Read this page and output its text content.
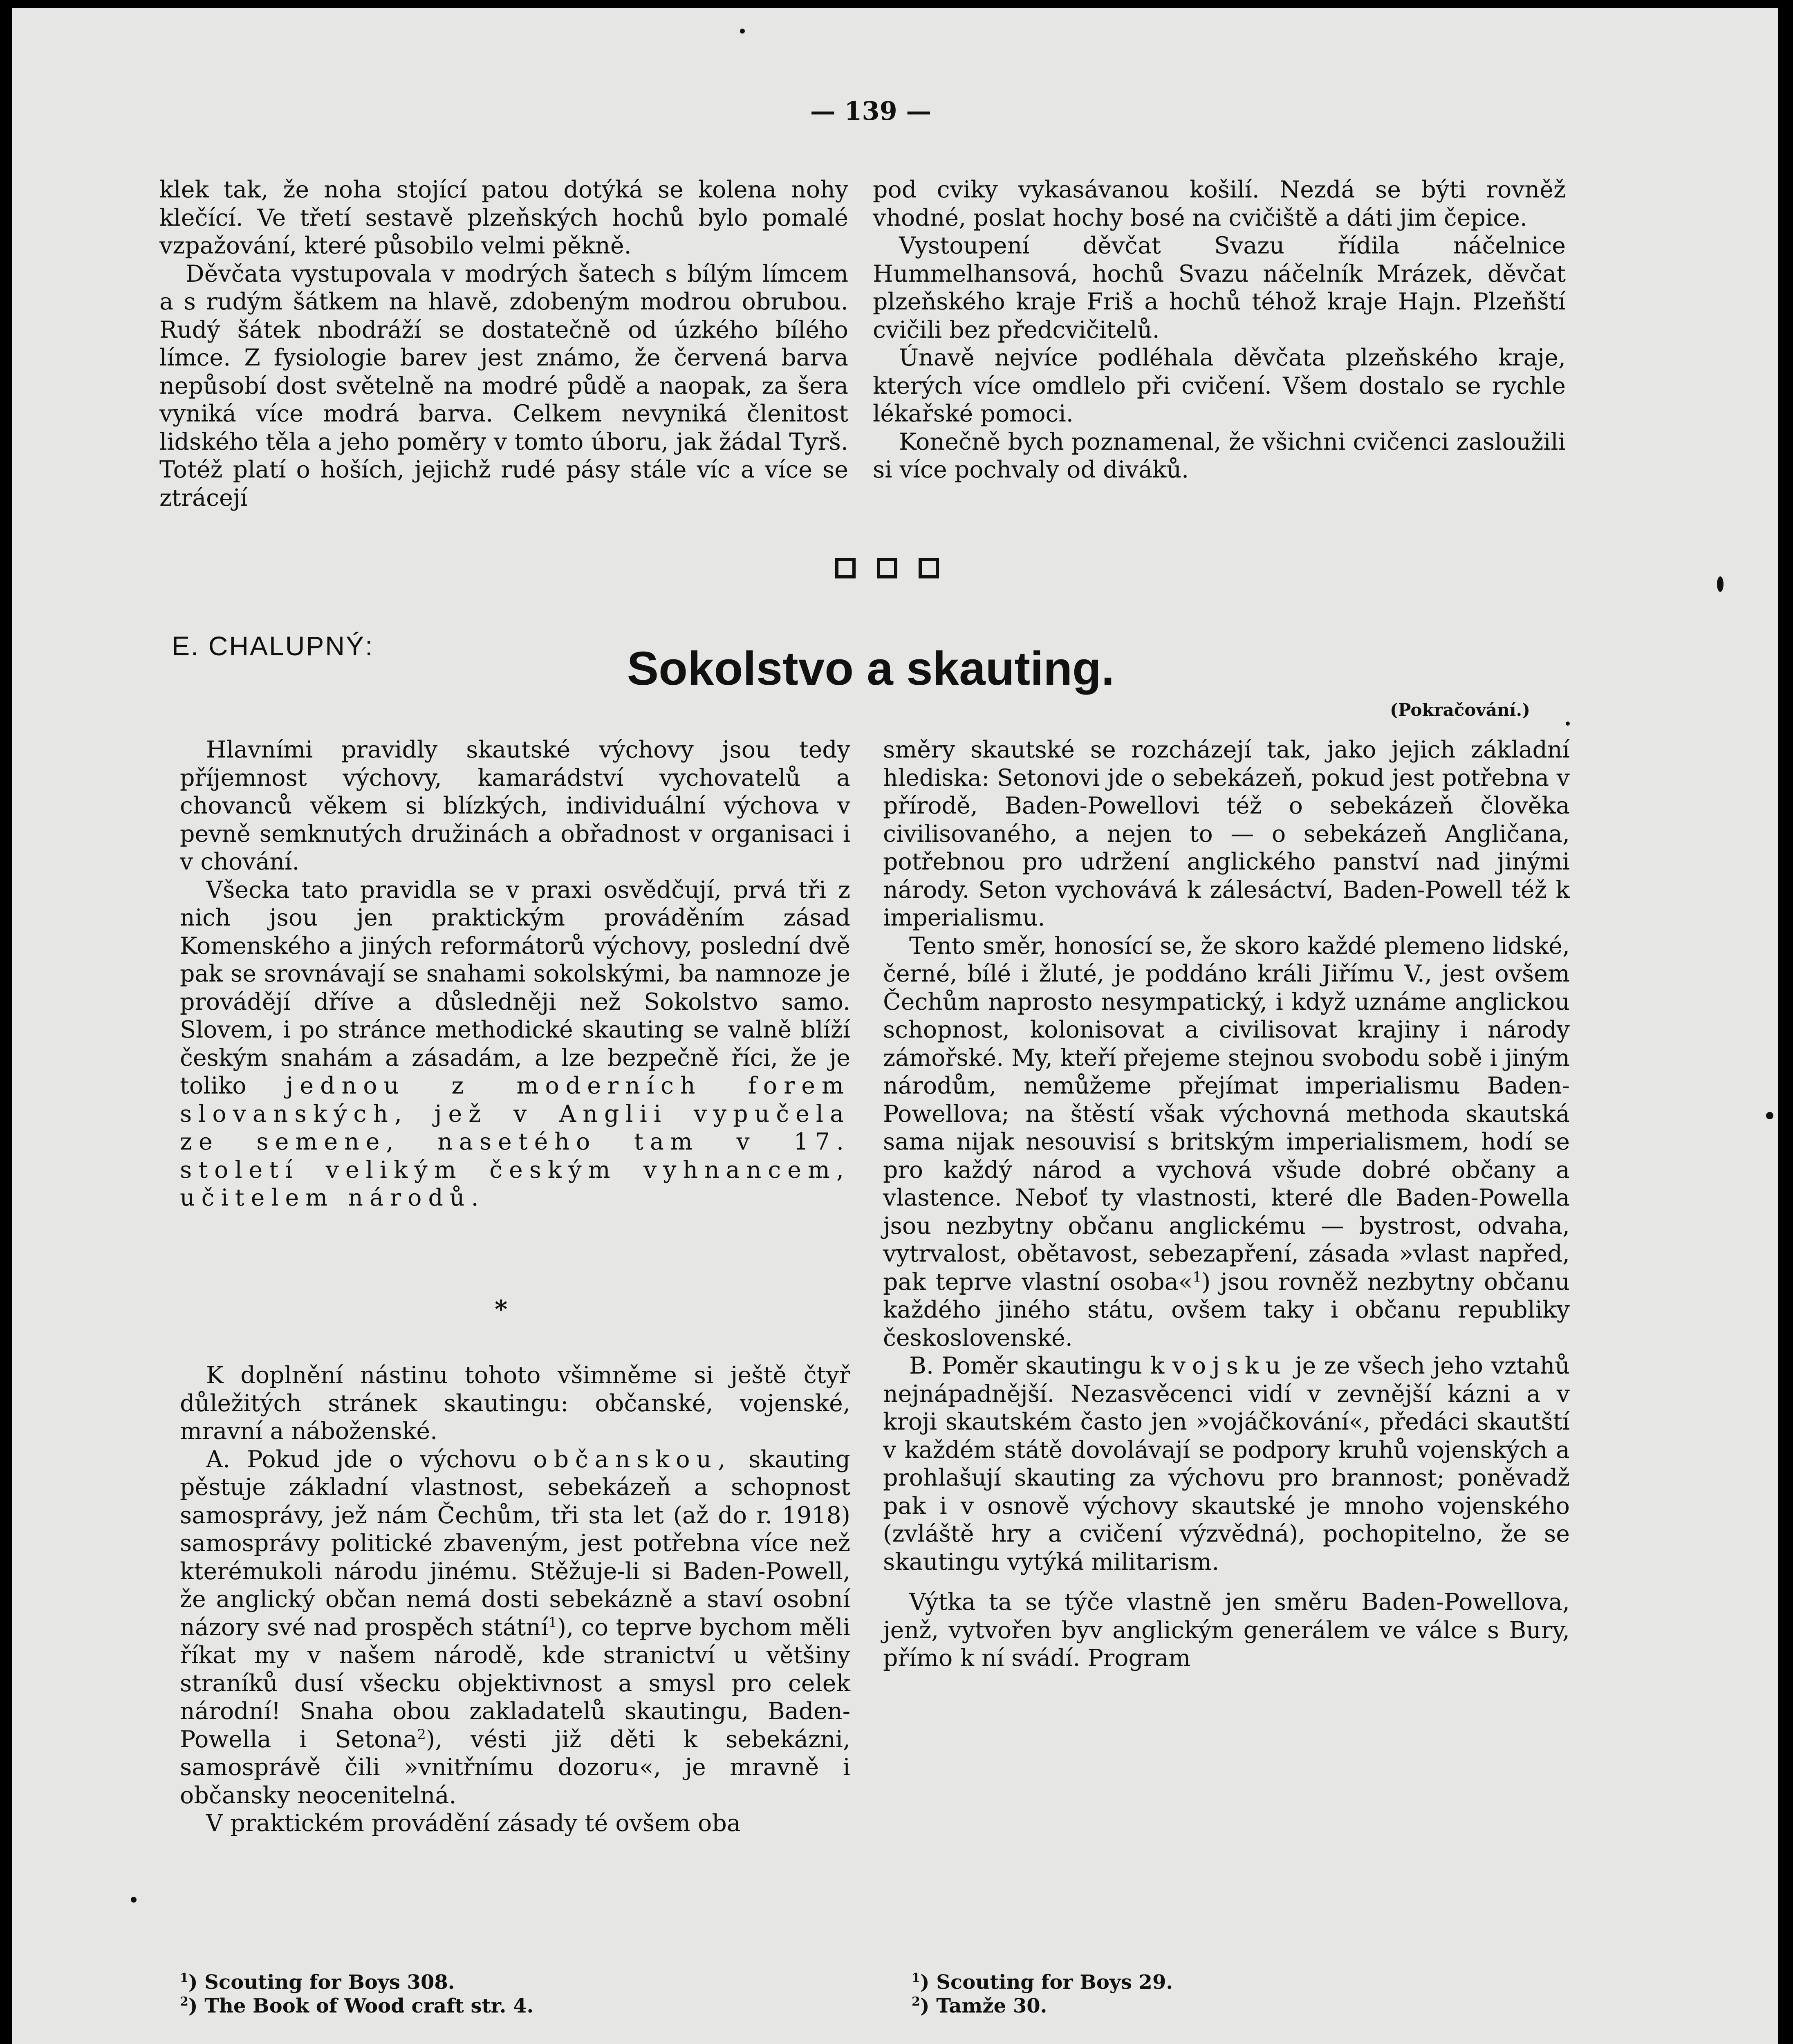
— 139 —

klek tak, že noha stojící patou dotýká se kolena nohy klečící. Ve třetí sestavě plzeňských hochů bylo pomalé vzpažování, které působilo velmi pěkně.

Děvčata vystupovala v modrých šatech s bílým límcem a s rudým šátkem na hlavě, zdobeným modrou obrubou. Rudý šátek nbodráží se dostatečně od úzkého bílého límce. Z fysiologie barev jest známo, že červená barva nepůsobí dost světelně na modré půdě a naopak, za šera vyniká více modrá barva. Celkem nevyniká členitost lidského těla a jeho poměry v tomto úboru, jak žádal Tyrš. Totéž platí o hoších, jejichž rudé pásy stále víc a více se ztrácejí

pod cviky vykasávanou košilí. Nezdá se býti rovněž vhodné, poslat hochy bosé na cvičiště a dáti jim čepice.

Vystoupení děvčat Svazu řídila náčelnice Hummelhansová, hochů Svazu náčelník Mrázek, děvčat plzeňského kraje Friš a hochů téhož kraje Hajn. Plzeňští cvičili bez předcvičitelů.

Únavě nejvíce podléhala děvčata plzeňského kraje, kterých více omdlelo při cvičení. Všem dostalo se rychle lékařské pomoci.

Konečně bych poznamenal, že všichni cvičenci zasloužili si více pochvaly od diváků.

E. CHALUPNÝ:	Sokolstvo a skauting.
(Pokračování.)

Hlavními pravidly skautské výchovy jsou tedy příjemnost výchovy, kamarádství vychovatelů a chovanců věkem si blízkých, individuální výchova v pevně semknutých družinách a obřadnost v organisaci i v chování.

Všecka tato pravidla se v praxi osvědčují, prvá tři z nich jsou jen praktickým prováděním zásad Komenského a jiných reformátorů výchovy, poslední dvě pak se srovnávají se snahami sokolskými, ba namnoze je provádějí dříve a důsledněji než Sokolstvo samo. Slovem, i po stránce methodické skauting se valně blíží českým snahám a zásadám, a lze bezpečně říci, že je toliko jednou z moderních forem slovanských, jež v Anglii vypučela ze semene, nasetého tam v 17. století velikým českým vyhnancem, učitelem národů.

*

K doplnění nástinu tohoto všimněme si ještě čtyř důležitých stránek skautingu: občanské, vojenské, mravní a náboženské.

A. Pokud jde o výchovu občanskou, skauting pěstuje základní vlastnost, sebekázeň a schopnost samosprávy, jež nám Čechům, tři sta let (až do r. 1918) samosprávy politické zbaveným, jest potřebna více než kterémukoli národu jinému. Stěžuje-li si Baden-Powell, že anglický občan nemá dosti sebekázně a staví osobní názory své nad prospěch státní$^1$), co teprve bychom měli říkat my v našem národě, kde stranictví u většiny straníků dusí všecku objektivnost a smysl pro celek národní! Snaha obou zakladatelů skautingu, Baden-Powella i Setona$^2$), vésti již děti k sebekázni, samosprávě čili »vnitřnímu dozoru«, je mravně i občansky neocenitelná.

V praktickém provádění zásady té ovšem oba

směry skautské se rozcházejí tak, jako jejich základní hlediska: Setonovi jde o sebekázeň, pokud jest potřebna v přírodě, Baden-Powellovi též o sebekázeň člověka civilisovaného, a nejen to — o sebekázeň Angličana, potřebnou pro udržení anglického panství nad jinými národy. Seton vychovává k zálesáctví, Baden-Powell též k imperialismu.

Tento směr, honosící se, že skoro každé plemeno lidské, černé, bílé i žluté, je poddáno králi Jiřímu V., jest ovšem Čechům naprosto nesympatický, i když uznáme anglickou schopnost, kolonisovat a civilisovat krajiny i národy zámořské. My, kteří přejeme stejnou svobodu sobě i jiným národům, nemůžeme přejímat imperialismu Baden-Powellova; na štěstí však výchovná methoda skautská sama nijak nesouvisí s britským imperialismem, hodí se pro každý národ a vychová všude dobré občany a vlastence. Neboť ty vlastnosti, které dle Baden-Powella jsou nezbytny občanu anglickému — bystrost, odvaha, vytrvalost, obětavost, sebezapření, zásada »vlast napřed, pak teprve vlastní osoba«$^1$) jsou rovněž nezbytny občanu každého jiného státu, ovšem taky i občanu republiky československé.

B. Poměr skautingu k vojsku je ze všech jeho vztahů nejnápadnější. Nezasvěcenci vidí v zevnější kázni a v kroji skautském často jen »vojáčkování«, předáci skautští v každém státě dovolávají se podpory kruhů vojenských a prohlašují skauting za výchovu pro brannost; poněvadž pak i v osnově výchovy skautské je mnoho vojenského (zvláště hry a cvičení výzvědná), pochopitelno, že se skautingu vytýká militarism.

Výtka ta se týče vlastně jen směru Baden-Powellova, jenž, vytvořen byv anglickým generálem ve válce s Bury, přímo k ní svádí. Program

$^1$) Scouting for Boys 308.

$^2$) The Book of Wood craft str. 4.

$^1$) Scouting for Boys 29.

$^2$) Tamže 30.
